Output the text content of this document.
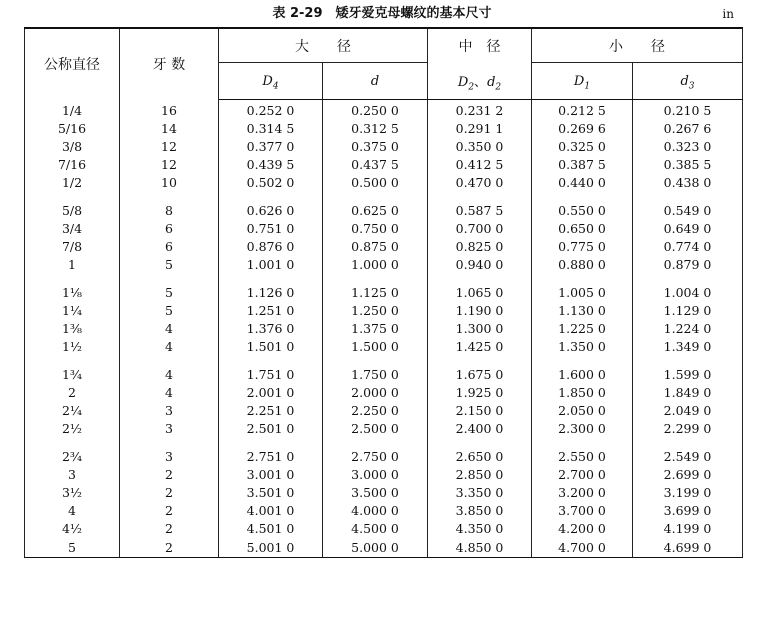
表 2-29　矮牙爱克母螺纹的基本尺寸	in
公称直径	牙 数	大　　径		中　径	小　　径	
		$D_4$	d	$D_2$、$d_2$	$D_1$	$d_3$
1/4	16	0.252 0	0.250 0	0.231 2	0.212 5	0.210 5
5/16	14	0.314 5	0.312 5	0.291 1	0.269 6	0.267 6
3/8	12	0.377 0	0.375 0	0.350 0	0.325 0	0.323 0
7/16	12	0.439 5	0.437 5	0.412 5	0.387 5	0.385 5
1/2	10	0.502 0	0.500 0	0.470 0	0.440 0	0.438 0

5/8	8	0.626 0	0.625 0	0.587 5	0.550 0	0.549 0
3/4	6	0.751 0	0.750 0	0.700 0	0.650 0	0.649 0
7/8	6	0.876 0	0.875 0	0.825 0	0.775 0	0.774 0
1	5	1.001 0	1.000 0	0.940 0	0.880 0	0.879 0

1⅛	5	1.126 0	1.125 0	1.065 0	1.005 0	1.004 0
1¼	5	1.251 0	1.250 0	1.190 0	1.130 0	1.129 0
1⅜	4	1.376 0	1.375 0	1.300 0	1.225 0	1.224 0
1½	4	1.501 0	1.500 0	1.425 0	1.350 0	1.349 0

1¾	4	1.751 0	1.750 0	1.675 0	1.600 0	1.599 0
2	4	2.001 0	2.000 0	1.925 0	1.850 0	1.849 0
2¼	3	2.251 0	2.250 0	2.150 0	2.050 0	2.049 0
2½	3	2.501 0	2.500 0	2.400 0	2.300 0	2.299 0

2¾	3	2.751 0	2.750 0	2.650 0	2.550 0	2.549 0
3	2	3.001 0	3.000 0	2.850 0	2.700 0	2.699 0
3½	2	3.501 0	3.500 0	3.350 0	3.200 0	3.199 0
4	2	4.001 0	4.000 0	3.850 0	3.700 0	3.699 0
4½	2	4.501 0	4.500 0	4.350 0	4.200 0	4.199 0
5	2	5.001 0	5.000 0	4.850 0	4.700 0	4.699 0
